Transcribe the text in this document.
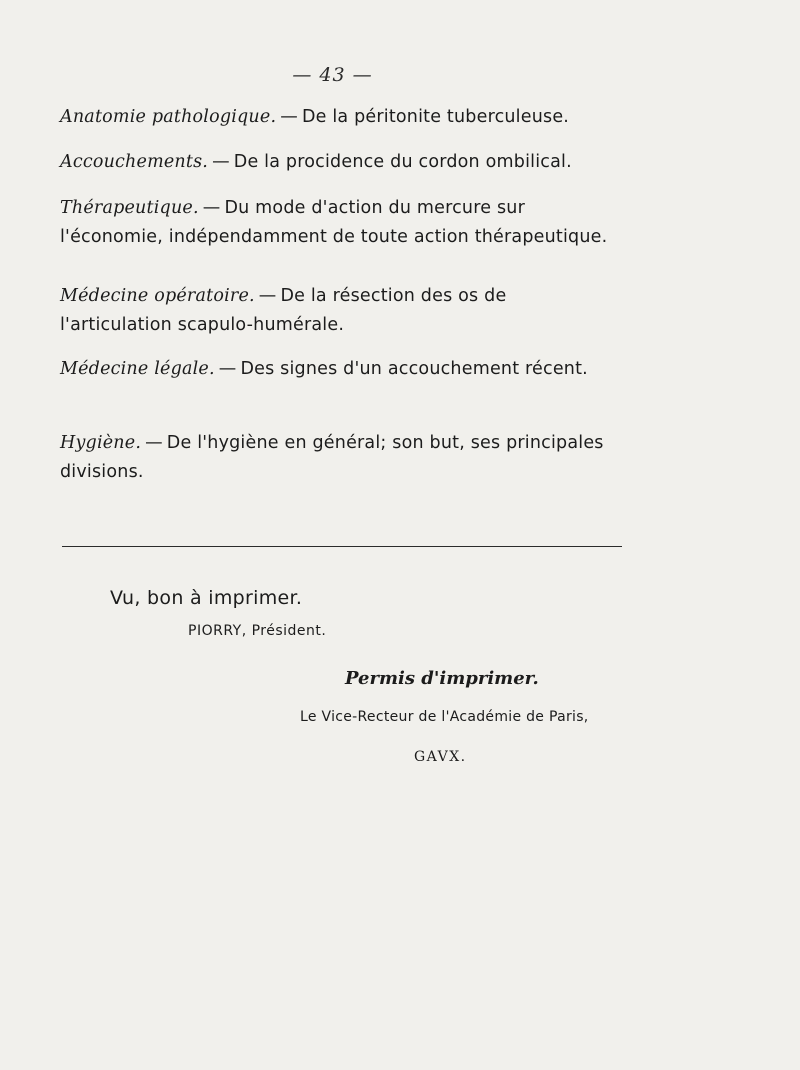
— 43 —
Anatomie pathologique. — De la péritonite tuberculeuse.
Accouchements. — De la procidence du cordon ombilical.
Thérapeutique. — Du mode d'action du mercure sur l'économie, indépendamment de toute action thérapeutique.
Médecine opératoire. — De la résection des os de l'articulation scapulo-humérale.
Médecine légale. — Des signes d'un accouchement récent.
Hygiène. — De l'hygiène en général; son but, ses principales divisions.
Vu, bon à imprimer.
PIORRY, Président.
Permis d'imprimer.
Le Vice-Recteur de l'Académie de Paris,
GAVX.
